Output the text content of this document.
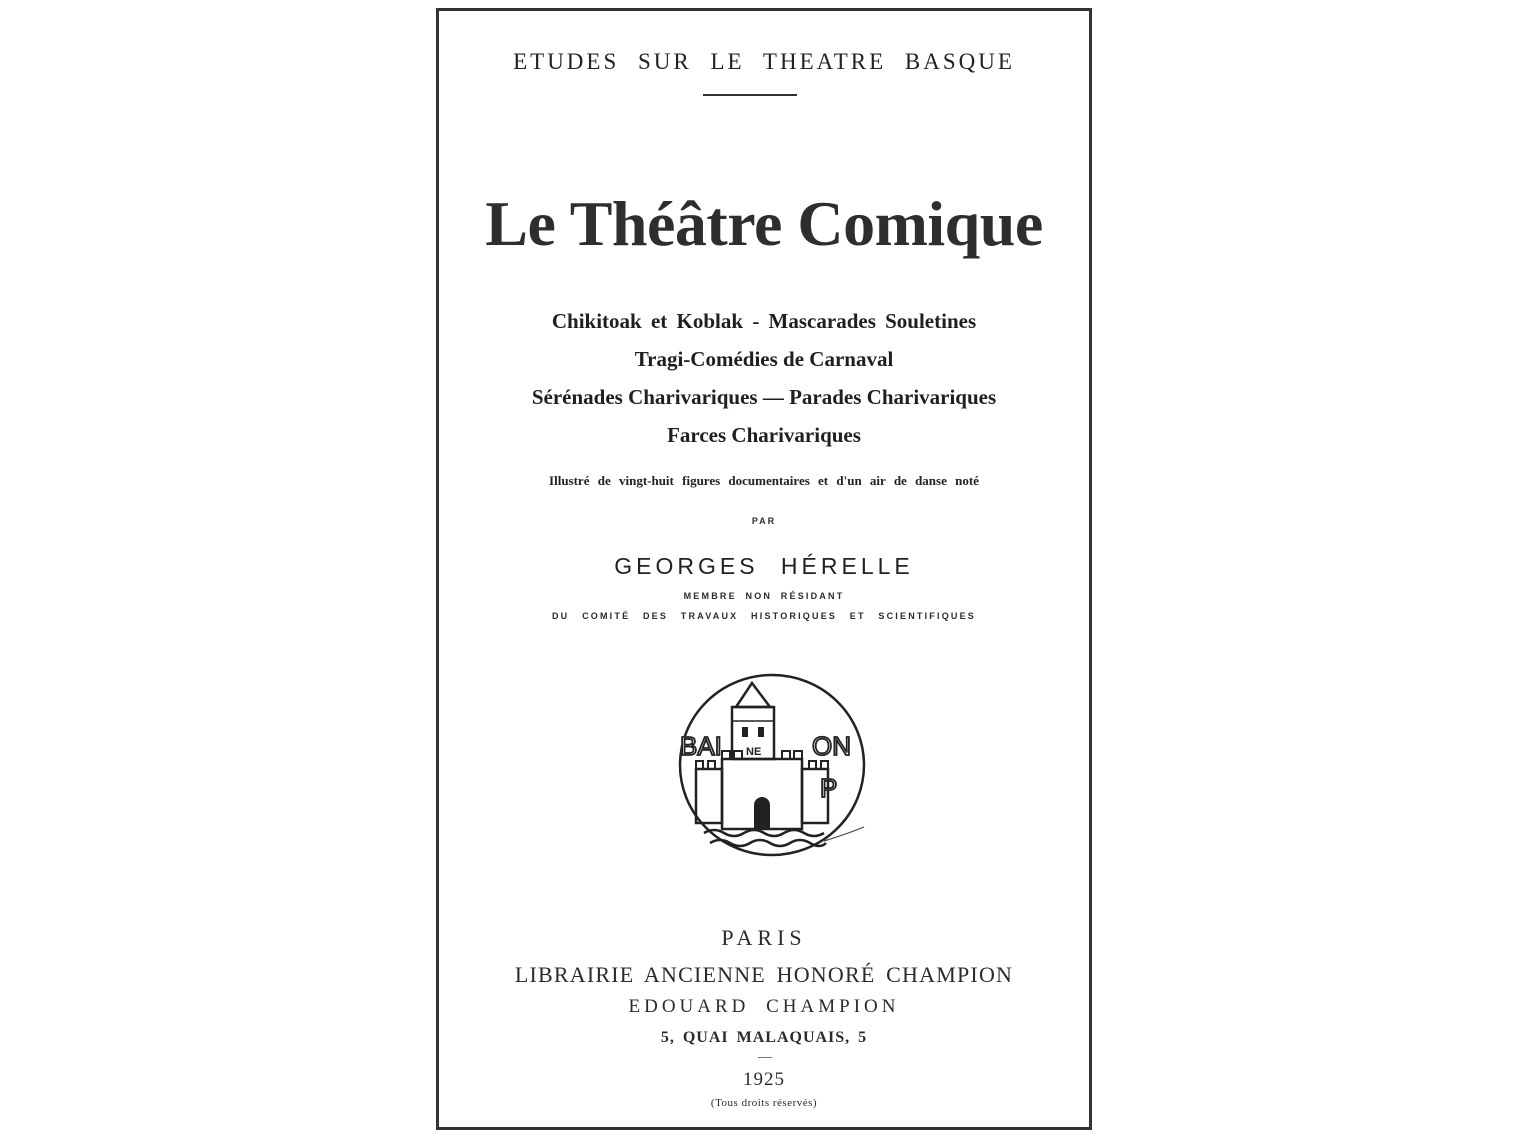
ETUDES SUR LE THEATRE BASQUE
Le Théâtre Comique
Chikitoak et Koblak - Mascarades Souletines
Tragi-Comédies de Carnaval
Sérénades Charivariques — Parades Charivariques
Farces Charivariques
Illustré de vingt-huit figures documentaires et d'un air de danse noté
PAR
GEORGES HÉRELLE
MEMBRE NON RÉSIDANT
DU COMITÉ DES TRAVAUX HISTORIQUES ET SCIENTIFIQUES
BAI	ON
P
NE
PARIS
LIBRAIRIE ANCIENNE HONORÉ CHAMPION
EDOUARD CHAMPION
5, QUAI MALAQUAIS, 5
1925
(Tous droits réservés)
